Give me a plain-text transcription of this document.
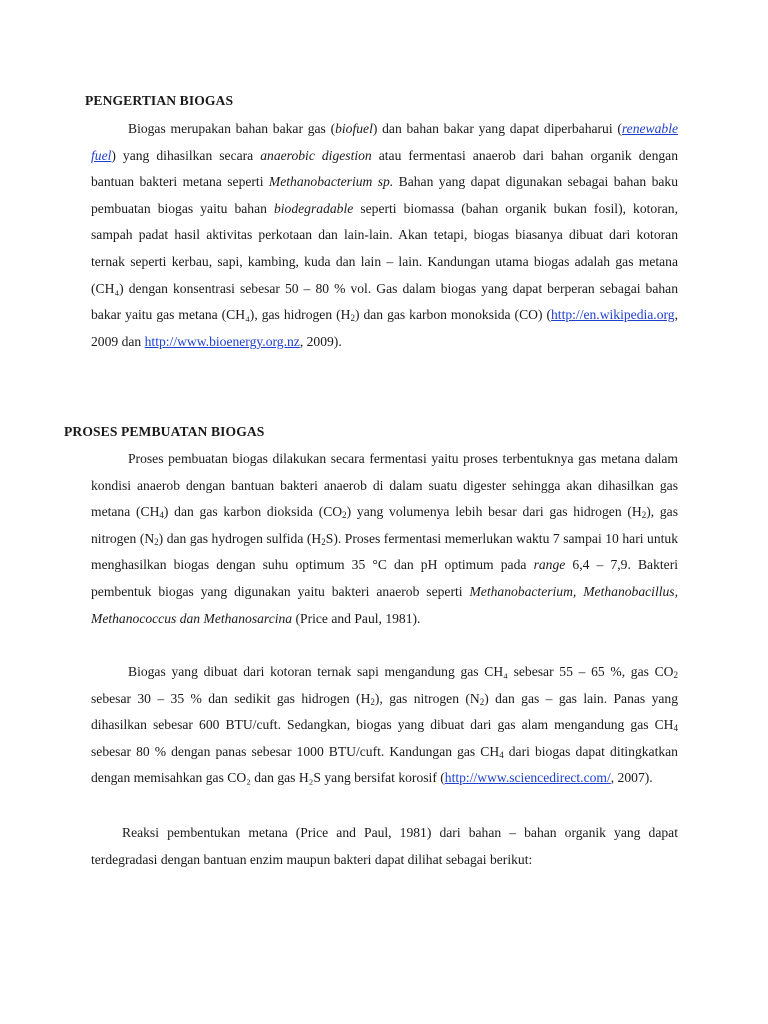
PENGERTIAN BIOGAS

Biogas merupakan bahan bakar gas (biofuel) dan bahan bakar yang dapat diperbaharui (renewable fuel) yang dihasilkan secara anaerobic digestion atau fermentasi anaerob dari bahan organik dengan bantuan bakteri metana seperti Methanobacterium sp. Bahan yang dapat digunakan sebagai bahan baku pembuatan biogas yaitu bahan biodegradable seperti biomassa (bahan organik bukan fosil), kotoran, sampah padat hasil aktivitas perkotaan dan lain-lain. Akan tetapi, biogas biasanya dibuat dari kotoran ternak seperti kerbau, sapi, kambing, kuda dan lain – lain. Kandungan utama biogas adalah gas metana (CH₄) dengan konsentrasi sebesar 50 – 80 % vol. Gas dalam biogas yang dapat berperan sebagai bahan bakar yaitu gas metana (CH₄), gas hidrogen $(H_2)$ dan gas karbon monoksida (CO) (http://en.wikipedia.org, 2009 dan http://www.bioenergy.org.nz, 2009).

PROSES PEMBUATAN BIOGAS

Proses pembuatan biogas dilakukan secara fermentasi yaitu proses terbentuknya gas metana dalam kondisi anaerob dengan bantuan bakteri anaerob di dalam suatu digester sehingga akan dihasilkan gas metana $(CH_4)$ dan gas karbon dioksida $(CO_2)$ yang volumenya lebih besar dari gas hidrogen $(H_2)$, gas nitrogen $(N_2)$ dan gas hydrogen sulfida $(H_2S)$. Proses fermentasi memerlukan waktu 7 sampai 10 hari untuk menghasilkan biogas dengan suhu optimum 35 °C dan pH optimum pada range 6,4 – 7,9. Bakteri pembentuk biogas yang digunakan yaitu bakteri anaerob seperti Methanobacterium, Methanobacillus, Methanococcus dan Methanosarcina (Price and Paul, 1981).

Biogas yang dibuat dari kotoran ternak sapi mengandung gas CH₄ sebesar 55 – 65 %, gas $CO_2$ sebesar 30 – 35 % dan sedikit gas hidrogen $(H_2)$, gas nitrogen $(N_2)$ dan gas – gas lain. Panas yang dihasilkan sebesar 600 BTU/cuft. Sedangkan, biogas yang dibuat dari gas alam mengandung gas $CH_4$ sebesar 80 % dengan panas sebesar 1000 BTU/cuft. Kandungan gas $CH_4$ dari biogas dapat ditingkatkan dengan memisahkan gas CO₂ dan gas H₂S yang bersifat korosif (http://www.sciencedirect.com/, 2007).

Reaksi pembentukan metana (Price and Paul, 1981) dari bahan – bahan organik yang dapat terdegradasi dengan bantuan enzim maupun bakteri dapat dilihat sebagai berikut:
